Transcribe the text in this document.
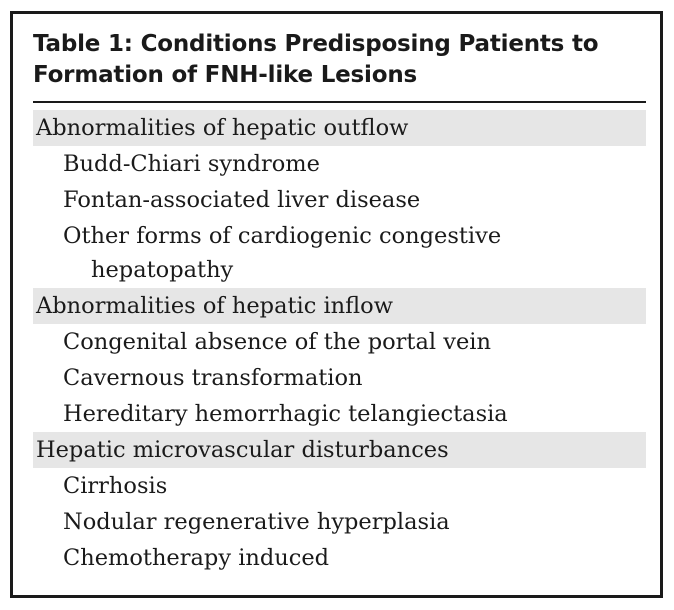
Table 1: Conditions Predisposing Patients to
Formation of FNH-like Lesions
Abnormalities of hepatic outflow
Budd-Chiari syndrome
Fontan-associated liver disease
Other forms of cardiogenic congestive
hepatopathy
Abnormalities of hepatic inflow
Congenital absence of the portal vein
Cavernous transformation
Hereditary hemorrhagic telangiectasia
Hepatic microvascular disturbances
Cirrhosis
Nodular regenerative hyperplasia
Chemotherapy induced
